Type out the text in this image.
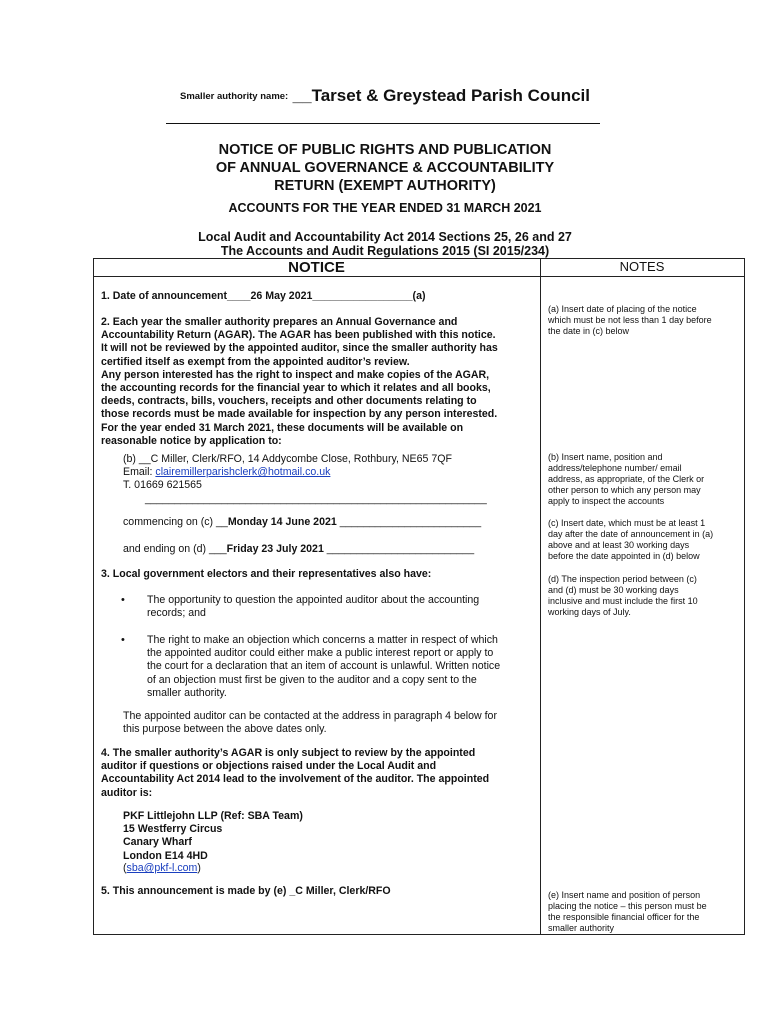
Smaller authority name: __Tarset & Greystead Parish Council
NOTICE OF PUBLIC RIGHTS AND PUBLICATION
OF ANNUAL GOVERNANCE & ACCOUNTABILITY
RETURN (EXEMPT AUTHORITY)
ACCOUNTS FOR THE YEAR ENDED 31 MARCH 2021
Local Audit and Accountability Act 2014 Sections 25, 26 and 27
The Accounts and Audit Regulations 2015 (SI 2015/234)
NOTICE	NOTES
1. Date of announcement____26 May 2021_________________(a)
2. Each year the smaller authority prepares an Annual Governance and
Accountability Return (AGAR). The AGAR has been published with this notice.
It will not be reviewed by the appointed auditor, since the smaller authority has
certified itself as exempt from the appointed auditor’s review.
Any person interested has the right to inspect and make copies of the AGAR,
the accounting records for the financial year to which it relates and all books,
deeds, contracts, bills, vouchers, receipts and other documents relating to
those records must be made available for inspection by any person interested.
For the year ended 31 March 2021, these documents will be available on
reasonable notice by application to:
(b) __C Miller, Clerk/RFO, 14 Addycombe Close, Rothbury, NE65 7QF
Email: clairemillerparishclerk@hotmail.co.uk
T. 01669 621565
__________________________________________________________
commencing on (c) __Monday 14 June 2021 ________________________
and ending on (d) ___Friday 23 July 2021 _________________________
3. Local government electors and their representatives also have:
• The opportunity to question the appointed auditor about the accounting
records; and
• The right to make an objection which concerns a matter in respect of which
the appointed auditor could either make a public interest report or apply to
the court for a declaration that an item of account is unlawful. Written notice
of an objection must first be given to the auditor and a copy sent to the
smaller authority.
The appointed auditor can be contacted at the address in paragraph 4 below for
this purpose between the above dates only.
4. The smaller authority’s AGAR is only subject to review by the appointed
auditor if questions or objections raised under the Local Audit and
Accountability Act 2014 lead to the involvement of the auditor. The appointed
auditor is:
PKF Littlejohn LLP (Ref: SBA Team)
15 Westferry Circus
Canary Wharf
London E14 4HD
(sba@pkf-l.com)
5. This announcement is made by (e) _C Miller, Clerk/RFO
(a) Insert date of placing of the notice
which must be not less than 1 day before
the date in (c) below
(b) Insert name, position and
address/telephone number/ email
address, as appropriate, of the Clerk or
other person to which any person may
apply to inspect the accounts
(c) Insert date, which must be at least 1
day after the date of announcement in (a)
above and at least 30 working days
before the date appointed in (d) below
(d) The inspection period between (c)
and (d) must be 30 working days
inclusive and must include the first 10
working days of July.
(e) Insert name and position of person
placing the notice – this person must be
the responsible financial officer for the
smaller authority
